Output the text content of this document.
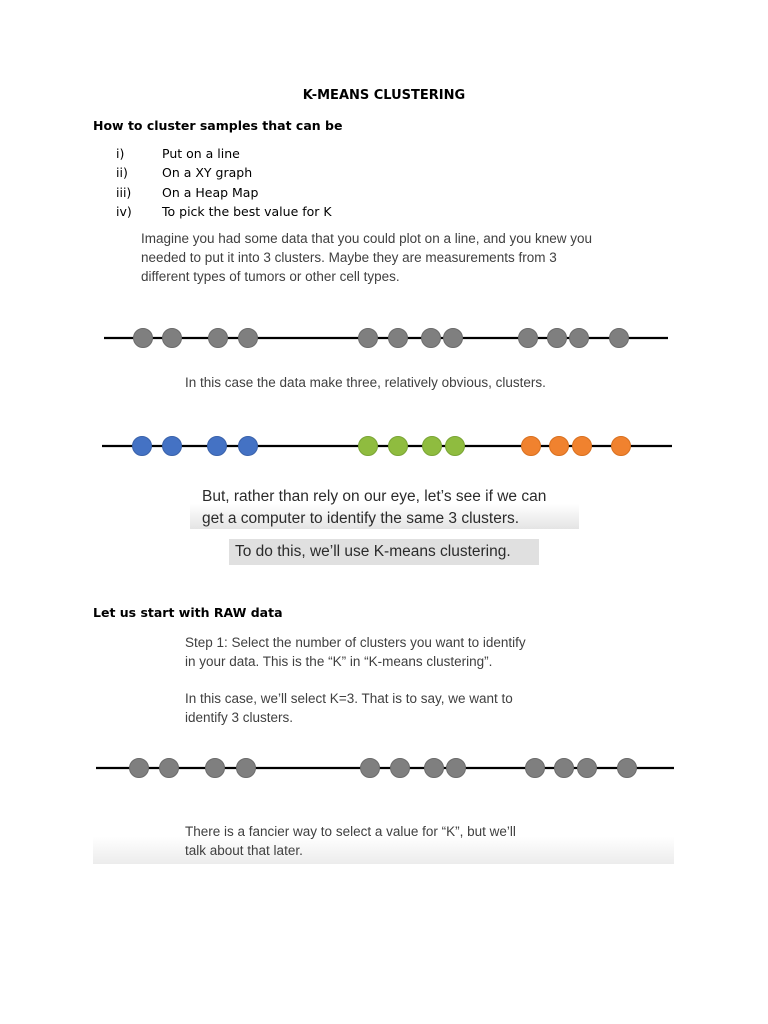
K-MEANS CLUSTERING
How to cluster samples that can be
i)	Put on a line
ii)	On a XY graph
iii) On a Heap Map
iv) To pick the best value for K
Imagine you had some data that you could plot on a line, and you knew you
needed to put it into 3 clusters. Maybe they are measurements from 3
different types of tumors or other cell types.
In this case the data make three, relatively obvious, clusters.
But, rather than rely on our eye, let’s see if we can
get a computer to identify the same 3 clusters.
To do this, we’ll use K-means clustering.
Let us start with RAW data
Step 1: Select the number of clusters you want to identify
in your data. This is the “K” in “K-means clustering”.
In this case, we’ll select K=3. That is to say, we want to
identify 3 clusters.
There is a fancier way to select a value for “K”, but we’ll
talk about that later.
